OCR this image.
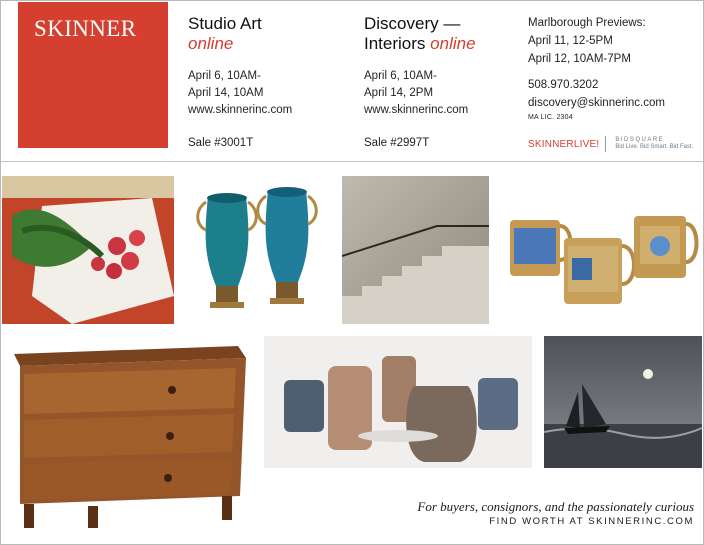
SKINNER	Studio Art
online
April 6, 10AM-
April 14, 10AM
www.skinnerinc.com
Sale #3001T
Discovery —
Interiors online
April 6, 10AM-
April 14, 2PM
www.skinnerinc.com
Sale #2997T
Marlborough Previews:
April 11, 12-5PM
April 12, 10AM-7PM
508.970.3202
discovery@skinnerinc.com
MA LIC. 2304
SKINNERLIVE!	BIDSQUARE
Bid Live. Bid Smart. Bid Fast.
For buyers, consignors, and the passionately curious
FIND WORTH AT SKINNERINC.COM
